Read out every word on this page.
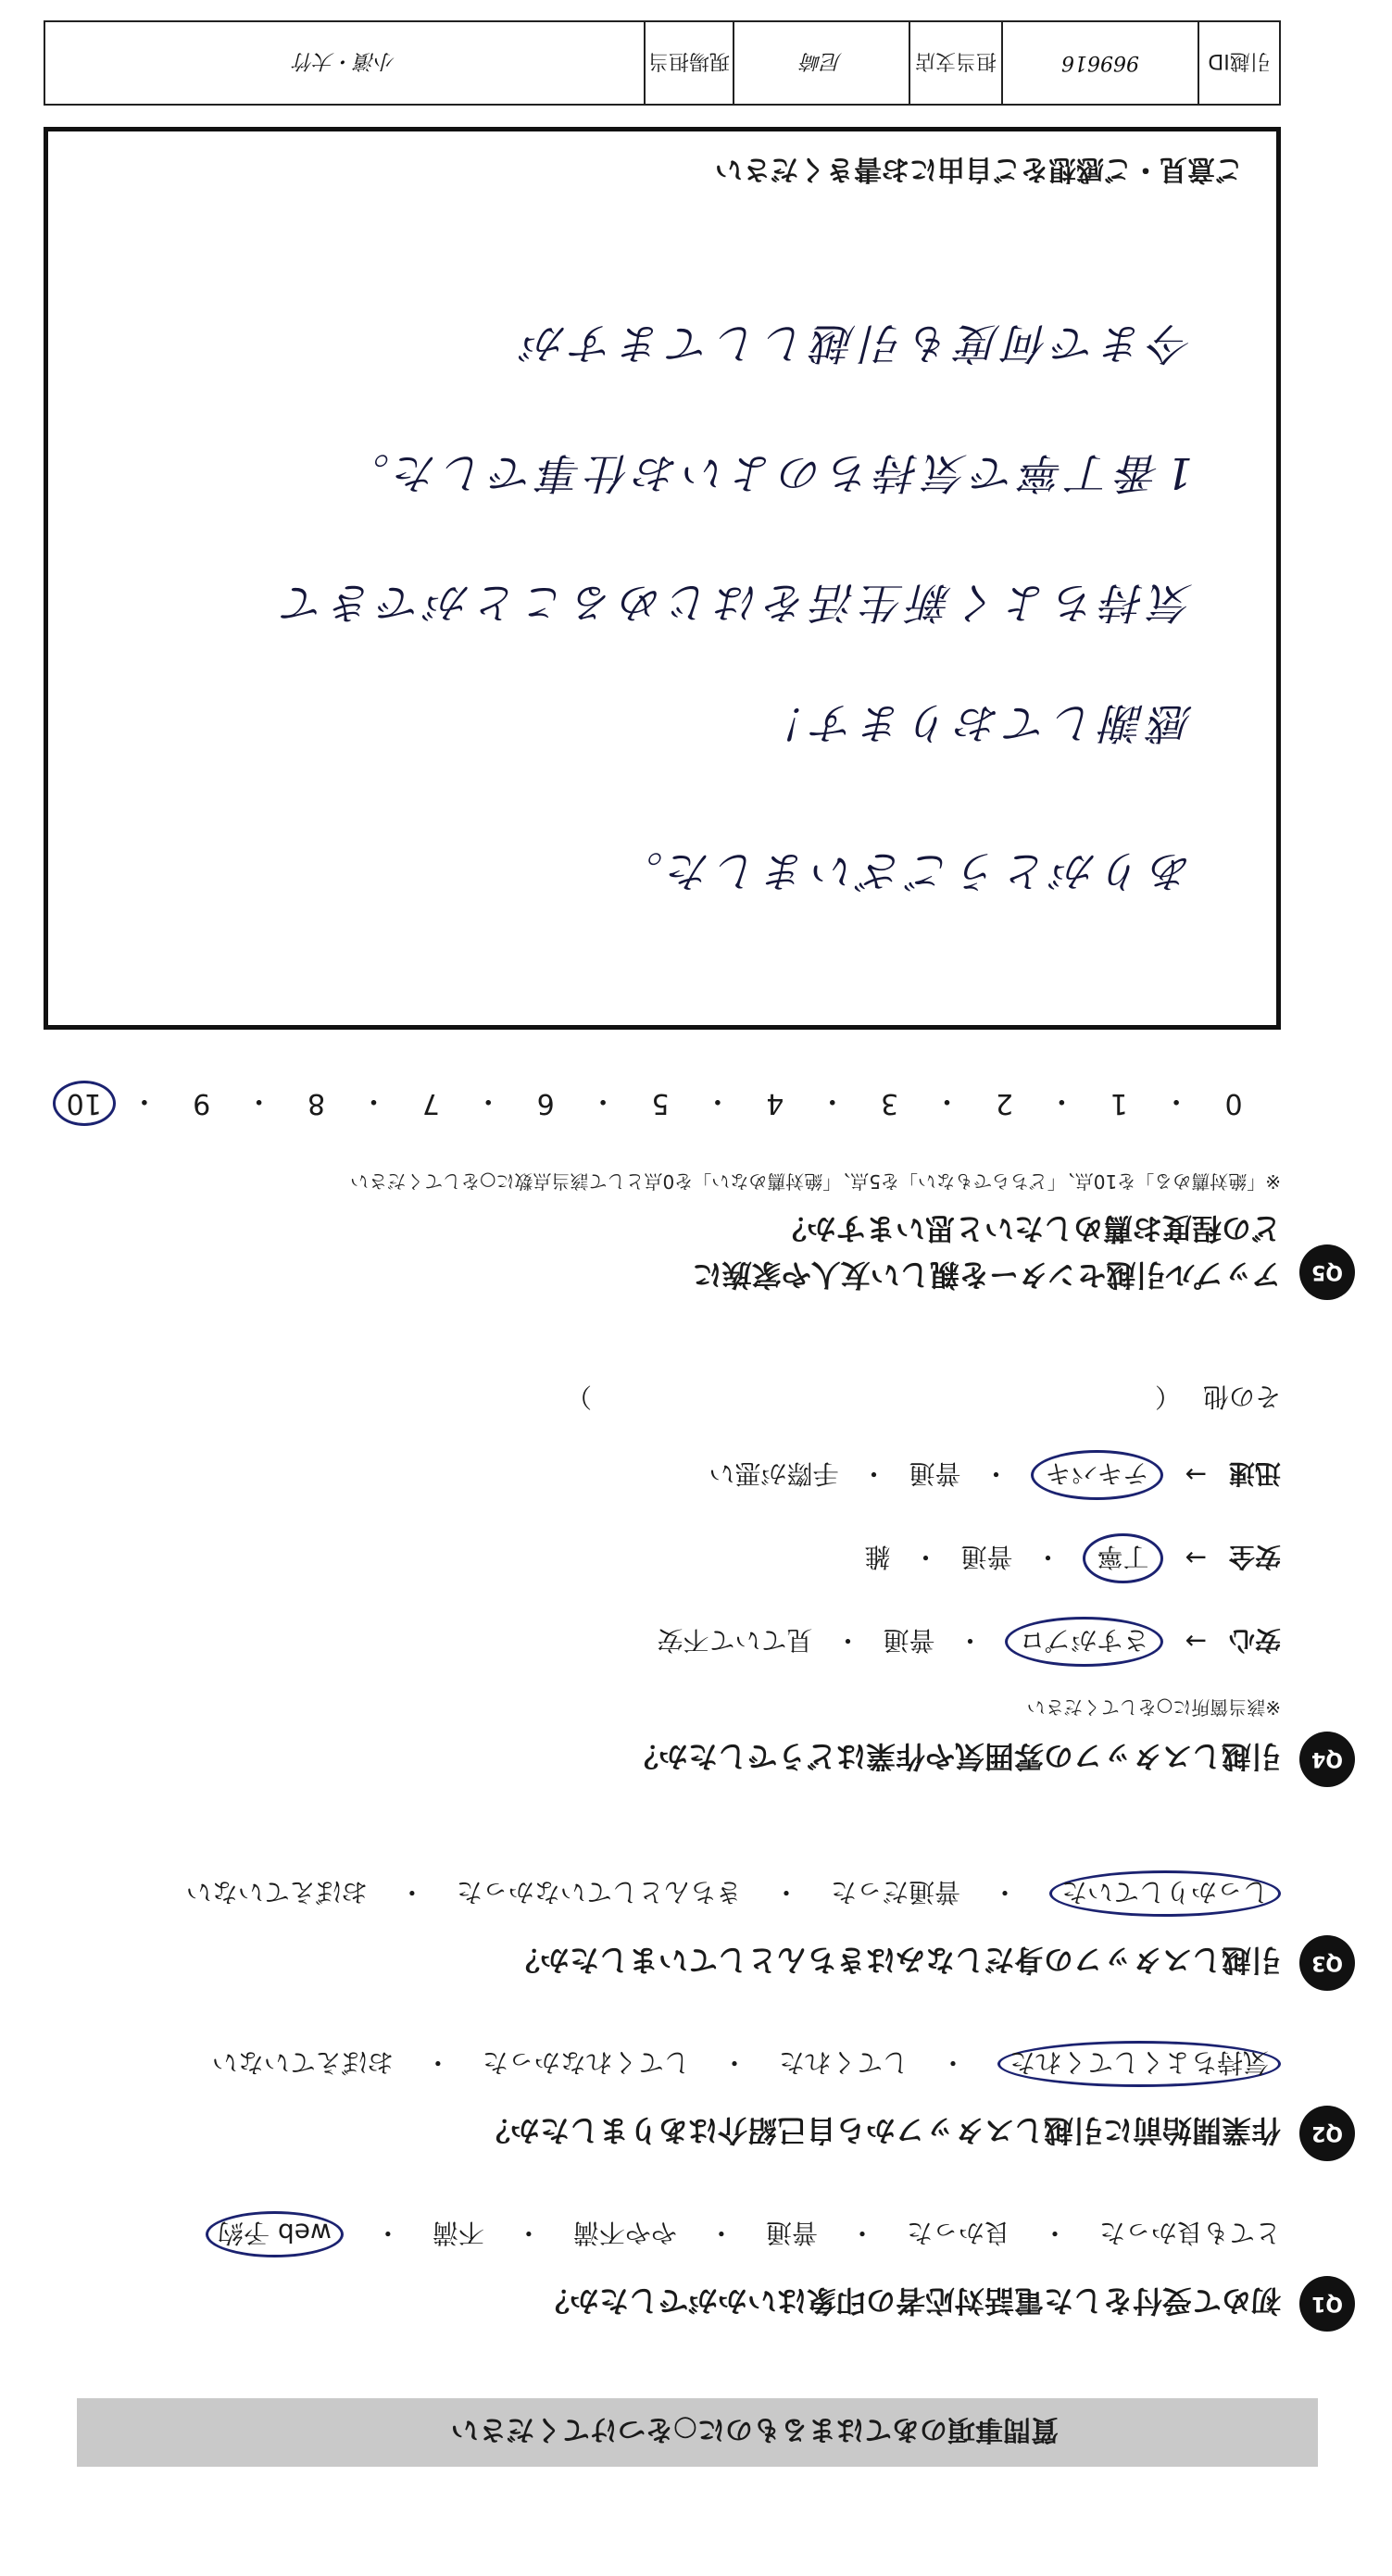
引越ID
969616
担当支店
尼崎
現場担当
小濱・大竹
ありがとうございました。
感謝しております！
気持ちよく新生活をはじめることができて
1番丁寧で気持ちのよいお仕事でした。
今まで何度も引越ししてますが
ご意見・ご感想をご自由にお書きください
0
・
1
・
2
・
3
・
4
・
5
・
6
・
7
・
8
・
9
・
10
※「絶対薦める」を10点、「どちらでもない」を5点、「絶対薦めない」を0点として該当点数に○をしてください
どの程度お薦めしたいと思いますか？
アップル引越センターを親しい友人や家族に	Q5
その他
（
）
迅速
→
テキパキ
・
普通
・
手際が悪い
安全
→
丁寧
・
普通
・
雑
安心
→
さすがプロ
・
普通
・
見ていて不安
※該当箇所に○をしてください
引越しスタッフの雰囲気や作業はどうでしたか？	Q4
しっかりしていた
・
普通だった
・
きちんとしていなかった
・
おぼえていない
引越しスタッフの身だしなみはきちんとしていましたか？	Q3
気持ちよくしてくれた
・
してくれた
・
してくれなかった
・
おぼえていない
作業開始前に引越しスタッフから自己紹介はありましたか？	Q2
とても良かった
・
良かった
・
普通
・
やや不満
・
不満
・
web 予約
初めて受付をした電話対応者の印象はいかがでしたか？	Q1
質問事項のあてはまるものに○をつけてください
